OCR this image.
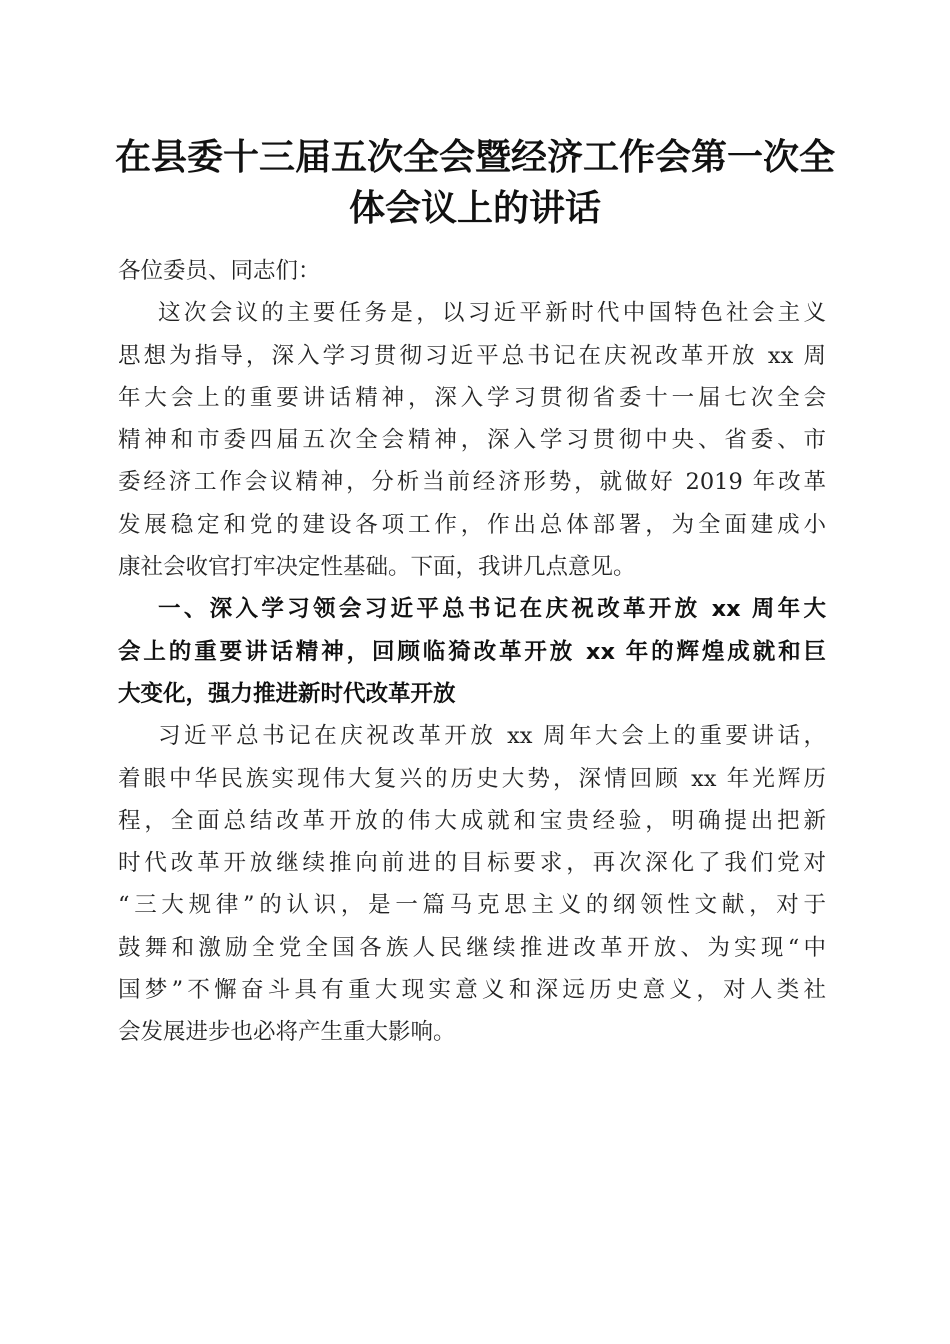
在县委十三届五次全会暨经济工作会第一次全
体会议上的讲话

各位委员、同志们：

这次会议的主要任务是，以习近平新时代中国特色社会主义
思想为指导，深入学习贯彻习近平总书记在庆祝改革开放 xx 周
年大会上的重要讲话精神，深入学习贯彻省委十一届七次全会
精神和市委四届五次全会精神，深入学习贯彻中央、省委、市
委经济工作会议精神，分析当前经济形势，就做好 2019 年改革
发展稳定和党的建设各项工作，作出总体部署，为全面建成小
康社会收官打牢决定性基础。下面，我讲几点意见。

一、深入学习领会习近平总书记在庆祝改革开放 xx 周年大
会上的重要讲话精神，回顾临猗改革开放 xx 年的辉煌成就和巨
大变化，强力推进新时代改革开放

习近平总书记在庆祝改革开放 xx 周年大会上的重要讲话，
着眼中华民族实现伟大复兴的历史大势，深情回顾 xx 年光辉历
程，全面总结改革开放的伟大成就和宝贵经验，明确提出把新
时代改革开放继续推向前进的目标要求，再次深化了我们党对
“三大规律”的认识，是一篇马克思主义的纲领性文献，对于
鼓舞和激励全党全国各族人民继续推进改革开放、为实现“中
国梦”不懈奋斗具有重大现实意义和深远历史意义，对人类社
会发展进步也必将产生重大影响。
